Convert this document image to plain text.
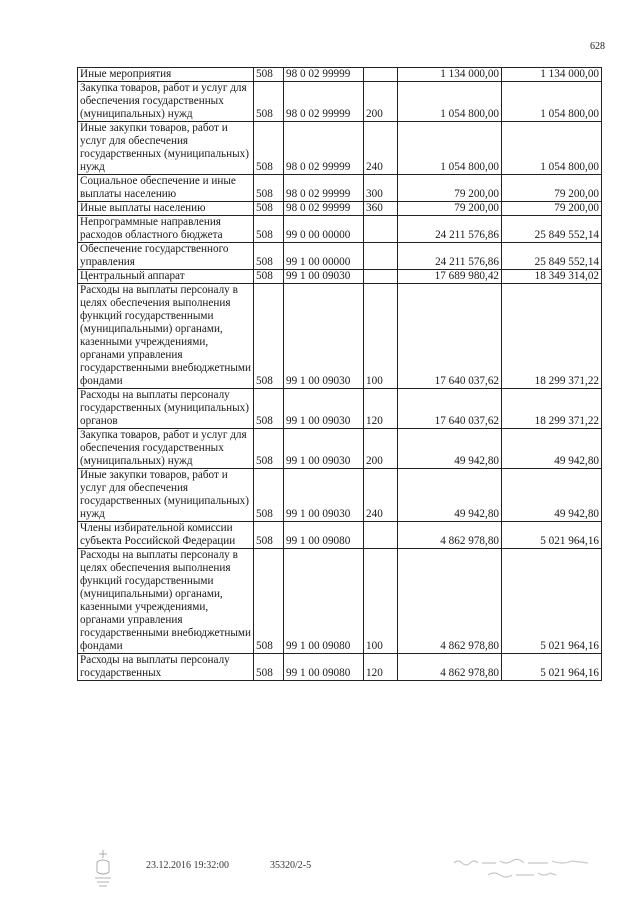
628
Иные мероприятия	508	98 0 02 99999		1 134 000,00	1 134 000,00
Закупка товаров, работ и услуг для обеспечения государственных (муниципальных) нужд	508	98 0 02 99999	200	1 054 800,00	1 054 800,00
Иные закупки товаров, работ и услуг для обеспечения государственных (муниципальных) нужд	508	98 0 02 99999	240	1 054 800,00	1 054 800,00
Социальное обеспечение и иные выплаты населению	508	98 0 02 99999	300	79 200,00	79 200,00
Иные выплаты населению	508	98 0 02 99999	360	79 200,00	79 200,00
Непрограммные направления расходов областного бюджета	508	99 0 00 00000		24 211 576,86	25 849 552,14
Обеспечение государственного управления	508	99 1 00 00000		24 211 576,86	25 849 552,14
Центральный аппарат	508	99 1 00 09030		17 689 980,42	18 349 314,02
Расходы на выплаты персоналу в целях обеспечения выполнения функций государственными (муниципальными) органами, казенными учреждениями, органами управления государственными внебюджетными фондами	508	99 1 00 09030	100	17 640 037,62	18 299 371,22
Расходы на выплаты персоналу государственных (муниципальных) органов	508	99 1 00 09030	120	17 640 037,62	18 299 371,22
Закупка товаров, работ и услуг для обеспечения государственных (муниципальных) нужд	508	99 1 00 09030	200	49 942,80	49 942,80
Иные закупки товаров, работ и услуг для обеспечения государственных (муниципальных) нужд	508	99 1 00 09030	240	49 942,80	49 942,80
Члены избирательной комиссии субъекта Российской Федерации	508	99 1 00 09080		4 862 978,80	5 021 964,16
Расходы на выплаты персоналу в целях обеспечения выполнения функций государственными (муниципальными) органами, казенными учреждениями, органами управления государственными внебюджетными фондами	508	99 1 00 09080	100	4 862 978,80	5 021 964,16
Расходы на выплаты персоналу государственных	508	99 1 00 09080	120	4 862 978,80	5 021 964,16
23.12.2016 19:32:00	35320/2-5
